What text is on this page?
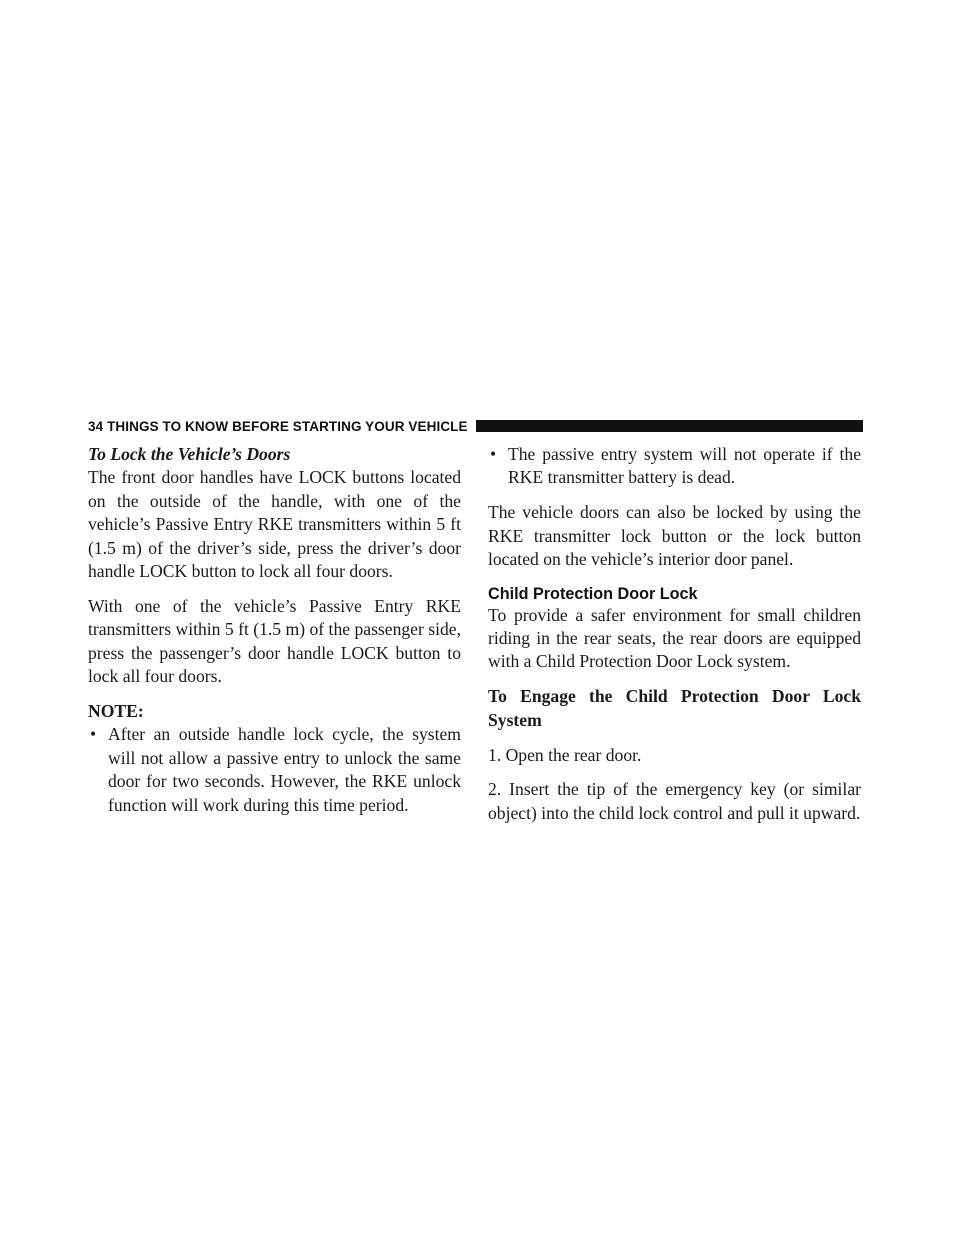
34 THINGS TO KNOW BEFORE STARTING YOUR VEHICLE

To Lock the Vehicle’s Doors

The front door handles have LOCK buttons located on the outside of the handle, with one of the vehicle’s Passive Entry RKE transmitters within 5 ft (1.5 m) of the driver’s side, press the driver’s door handle LOCK button to lock all four doors.

With one of the vehicle’s Passive Entry RKE transmitters within 5 ft (1.5 m) of the passenger side, press the passenger’s door handle LOCK button to lock all four doors.

NOTE:

• After an outside handle lock cycle, the system will not allow a passive entry to unlock the same door for two seconds. However, the RKE unlock function will work during this time period.
• The passive entry system will not operate if the RKE transmitter battery is dead.

The vehicle doors can also be locked by using the RKE transmitter lock button or the lock button located on the vehicle’s interior door panel.

Child Protection Door Lock

To provide a safer environment for small children riding in the rear seats, the rear doors are equipped with a Child Protection Door Lock system.

To Engage the Child Protection Door Lock System

1. Open the rear door.

2. Insert the tip of the emergency key (or similar object) into the child lock control and pull it upward.
